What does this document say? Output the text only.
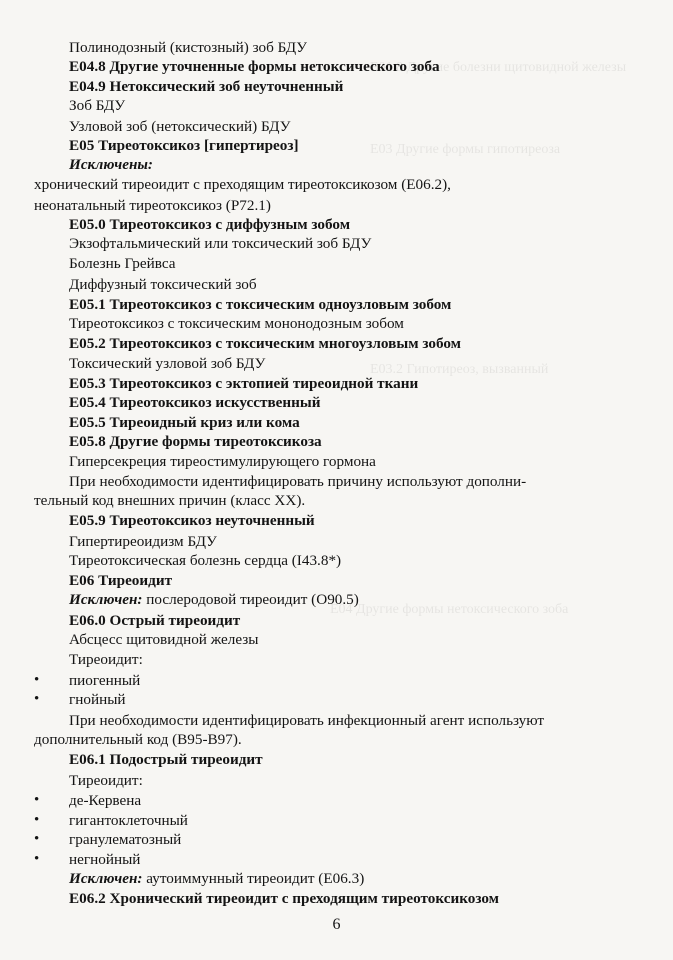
E01.8 Другие болезни щитовидной железы
E03 Другие формы гипотиреоза
E03.2 Гипотиреоз, вызванный
E04 Другие формы нетоксического зоба
Полинодозный (кистозный) зоб БДУ
E04.8 Другие уточненные формы нетоксического зоба
E04.9 Нетоксический зоб неуточненный
Зоб БДУ
Узловой зоб (нетоксический) БДУ
E05 Тиреотоксикоз [гипертиреоз]
Исключены:
хронический тиреоидит с преходящим тиреотоксикозом (E06.2),
неонатальный тиреотоксикоз (P72.1)
E05.0 Тиреотоксикоз с диффузным зобом
Экзофтальмический или токсический зоб БДУ
Болезнь Грейвса
Диффузный токсический зоб
E05.1 Тиреотоксикоз с токсическим одноузловым зобом
Тиреотоксикоз с токсическим мононодозным зобом
E05.2 Тиреотоксикоз с токсическим многоузловым зобом
Токсический узловой зоб БДУ
E05.3 Тиреотоксикоз с эктопией тиреоидной ткани
E05.4 Тиреотоксикоз искусственный
E05.5 Тиреоидный криз или кома
E05.8 Другие формы тиреотоксикоза
Гиперсекреция тиреостимулирующего гормона
При необходимости идентифицировать причину используют дополни-
тельный код внешних причин (класс XX).
E05.9 Тиреотоксикоз неуточненный
Гипертиреоидизм БДУ
Тиреотоксическая болезнь сердца (I43.8*)
E06 Тиреоидит
Исключен: послеродовой тиреоидит (O90.5)
E06.0 Острый тиреоидит
Абсцесс щитовидной железы
Тиреоидит:
пиогенный
•
гнойный
•
При необходимости идентифицировать инфекционный агент используют
дополнительный код (B95-B97).
E06.1 Подострый тиреоидит
Тиреоидит:
де-Кервена
•
гигантоклеточный
•
гранулематозный
•
негнойный
•
Исключен: аутоиммунный тиреоидит (E06.3)
E06.2 Хронический тиреоидит с преходящим тиреотоксикозом
6
